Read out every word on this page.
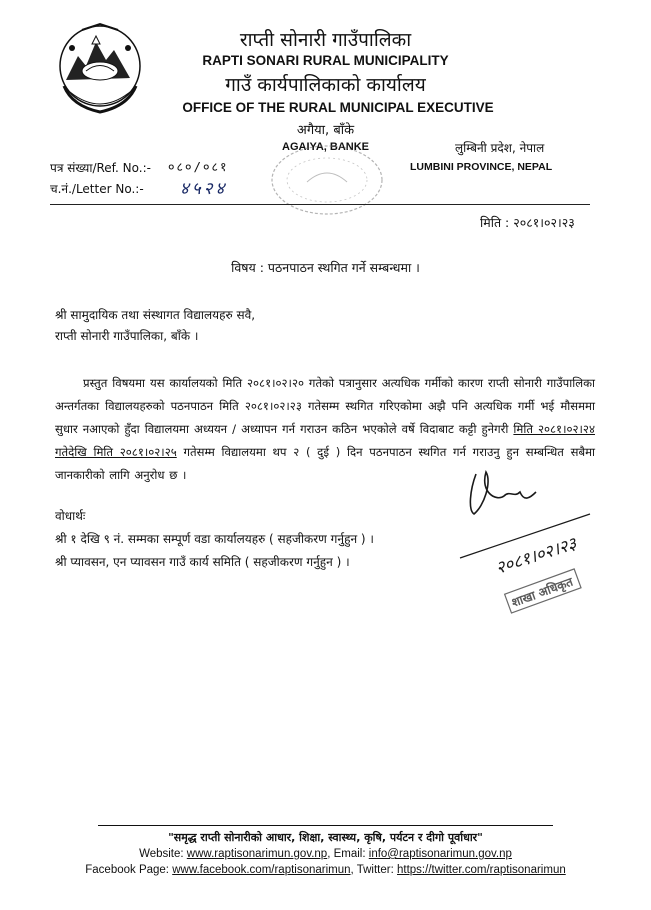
राप्ती सोनारी गाउँपालिका
RAPTI SONARI RURAL MUNICIPALITY
गाउँ कार्यपालिकाको कार्यालय
OFFICE OF THE RURAL MUNICIPAL EXECUTIVE
अगैया, बाँके
AGAIYA, BANKE	लुम्बिनी प्रदेश, नेपाल
LUMBINI PROVINCE, NEPAL
पत्र संख्या/Ref. No.:- ०८०/०८१
च.नं./Letter No.:- ४५२४
मिति : २०८१।०२।२३
विषय : पठनपाठन स्थगित गर्ने सम्बन्धमा ।
श्री सामुदायिक तथा संस्थागत विद्यालयहरु सवै,
राप्ती सोनारी गाउँपालिका, बाँके ।
प्रस्तुत विषयमा यस कार्यालयको मिति २०८१।०२।२० गतेको पत्रानुसार अत्यधिक गर्मीको कारण राप्ती सोनारी गाउँपालिका अन्तर्गतका विद्यालयहरुको पठनपाठन मिति २०८१।०२।२३ गतेसम्म स्थगित गरिएकोमा अझै पनि अत्यधिक गर्मी भई मौसममा सुधार नआएको हुँदा विद्यालयमा अध्ययन / अध्यापन गर्न गराउन कठिन भएकोले वर्षे विदाबाट कट्टी हुनेगरी मिति २०८१।०२।२४ गतेदेखि मिति २०८१।०२।२५ गतेसम्म विद्यालयमा थप २ ( दुई ) दिन पठनपाठन स्थगित गर्न गराउनु हुन सम्बन्धित सबैमा जानकारीको लागि अनुरोध छ ।
वोधार्थः
श्री १ देखि ९ नं. सम्मका सम्पूर्ण वडा कार्यालयहरु ( सहजीकरण गर्नुहुन ) ।
श्री प्यावसन, एन प्यावसन गाउँ कार्य समिति ( सहजीकरण गर्नुहुन ) ।	२०८१।०२।२३
शाखा अधिकृत
"समृद्ध राप्ती सोनारीको आधार, शिक्षा, स्वास्थ्य, कृषि, पर्यटन र दीगो पूर्वाधार"
Website: www.raptisonarimun.gov.np, Email: info@raptisonarimun.gov.np
Facebook Page: www.facebook.com/raptisonarimun, Twitter: https://twitter.com/raptisonarimun
